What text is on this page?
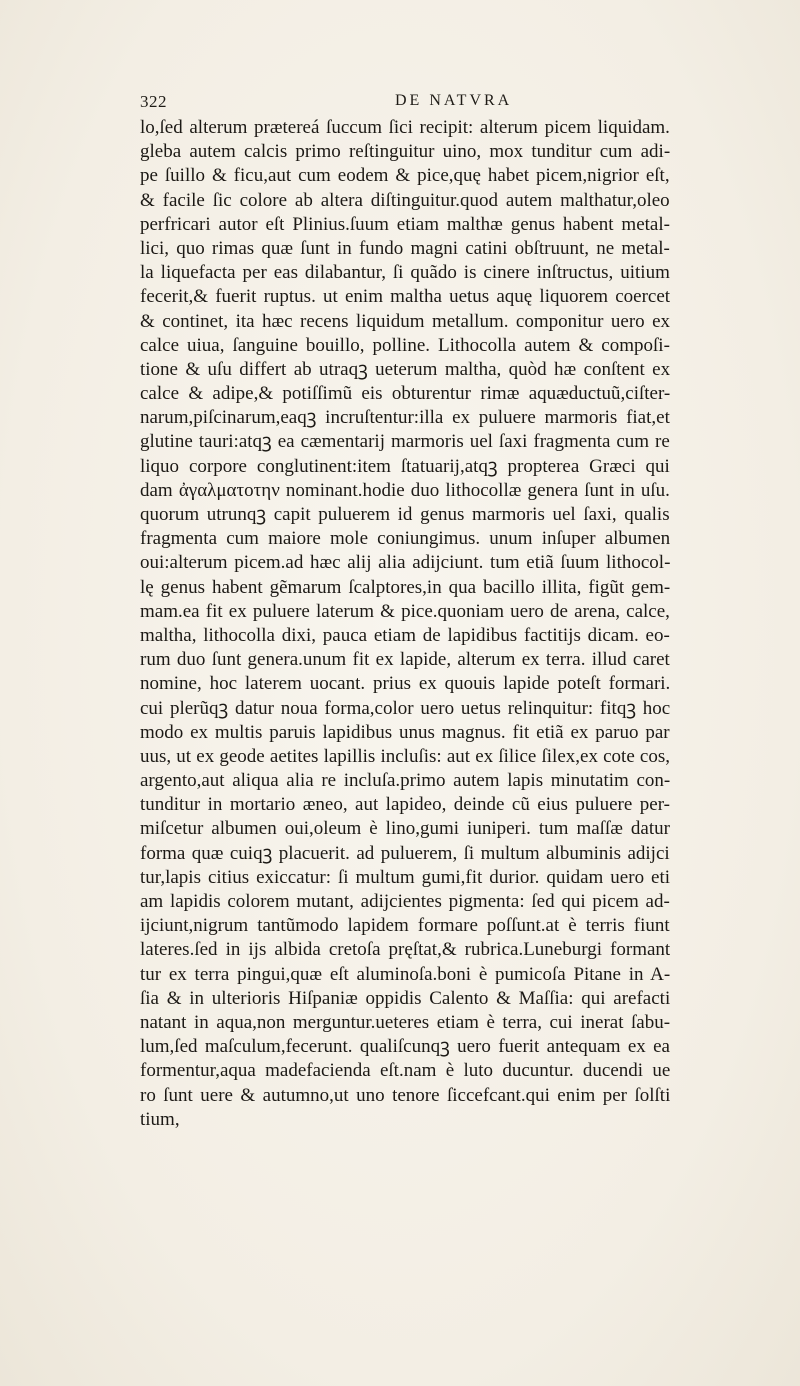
322	DE NATVRA
lo,ſed alterum prætereá ſuccum ſici recipit: alterum picem liquidam.
gleba autem calcis primo reſtinguitur uino, mox tunditur cum adi-
pe ſuillo & ficu,aut cum eodem & pice,quę habet picem,nigrior eſt,
& facile ſic colore ab altera diſtinguitur.quod autem malthatur,oleo
perfricari autor eſt Plinius.ſuum etiam malthæ genus habent metal-
lici, quo rimas quæ ſunt in fundo magni catini obſtruunt, ne metal-
la liquefacta per eas dilabantur, ſi quãdo is cinere inſtructus, uitium
fecerit,& fuerit ruptus. ut enim maltha uetus aquę liquorem coercet
& continet, ita hæc recens liquidum metallum. componitur uero ex
calce uiua, ſanguine bouillo, polline. Lithocolla autem & compoſi-
tione & uſu differt ab utraqꝫ ueterum maltha, quòd hæ conſtent ex
calce & adipe,& potiſſimũ eis obturentur rimæ aquæductuũ,ciſter-
narum,piſcinarum,eaqꝫ incruſtentur:illa ex puluere marmoris fiat,et
glutine tauri:atqꝫ ea cæmentarij marmoris uel ſaxi fragmenta cum re
liquo corpore conglutinent:item ſtatuarij,atqꝫ propterea Græci qui
dam ἀγαλματοτην nominant.hodie duo lithocollæ genera ſunt in uſu.
quorum utrunqꝫ capit puluerem id genus marmoris uel ſaxi, qualis
fragmenta cum maiore mole coniungimus. unum inſuper albumen
oui:alterum picem.ad hæc alij alia adijciunt. tum etiã ſuum lithocol-
lę genus habent gẽmarum ſcalptores,in qua bacillo illita, figũt gem-
mam.ea fit ex puluere laterum & pice.quoniam uero de arena, calce,
maltha, lithocolla dixi, pauca etiam de lapidibus factitijs dicam. eo-
rum duo ſunt genera.unum fit ex lapide, alterum ex terra. illud caret
nomine, hoc laterem uocant. prius ex quouis lapide poteſt formari.
cui plerũqꝫ datur noua forma,color uero uetus relinquitur: fitqꝫ hoc
modo ex multis paruis lapidibus unus magnus. fit etiã ex paruo par
uus, ut ex geode aetites lapillis incluſis: aut ex ſilice ſilex,ex cote cos,
argento,aut aliqua alia re incluſa.primo autem lapis minutatim con-
tunditur in mortario æneo, aut lapideo, deinde cũ eius puluere per-
miſcetur albumen oui,oleum è lino,gumi iuniperi. tum maſſæ datur
forma quæ cuiqꝫ placuerit. ad puluerem, ſi multum albuminis adijci
tur,lapis citius exiccatur: ſi multum gumi,fit durior. quidam uero eti
am lapidis colorem mutant, adijcientes pigmenta: ſed qui picem ad-
ijciunt,nigrum tantũmodo lapidem formare poſſunt.at è terris fiunt
lateres.ſed in ijs albida cretoſa pręſtat,& rubrica.Luneburgi formant
tur ex terra pingui,quæ eſt aluminoſa.boni è pumicoſa Pitane in A-
ſia & in ulterioris Hiſpaniæ oppidis Calento & Maſſia: qui arefacti
natant in aqua,non merguntur.ueteres etiam è terra, cui inerat ſabu-
lum,ſed maſculum,fecerunt. qualiſcunqꝫ uero fuerit antequam ex ea
formentur,aqua madefacienda eſt.nam è luto ducuntur. ducendi ue
ro ſunt uere & autumno,ut uno tenore ſiccefcant.qui enim per ſolſti
tium,
